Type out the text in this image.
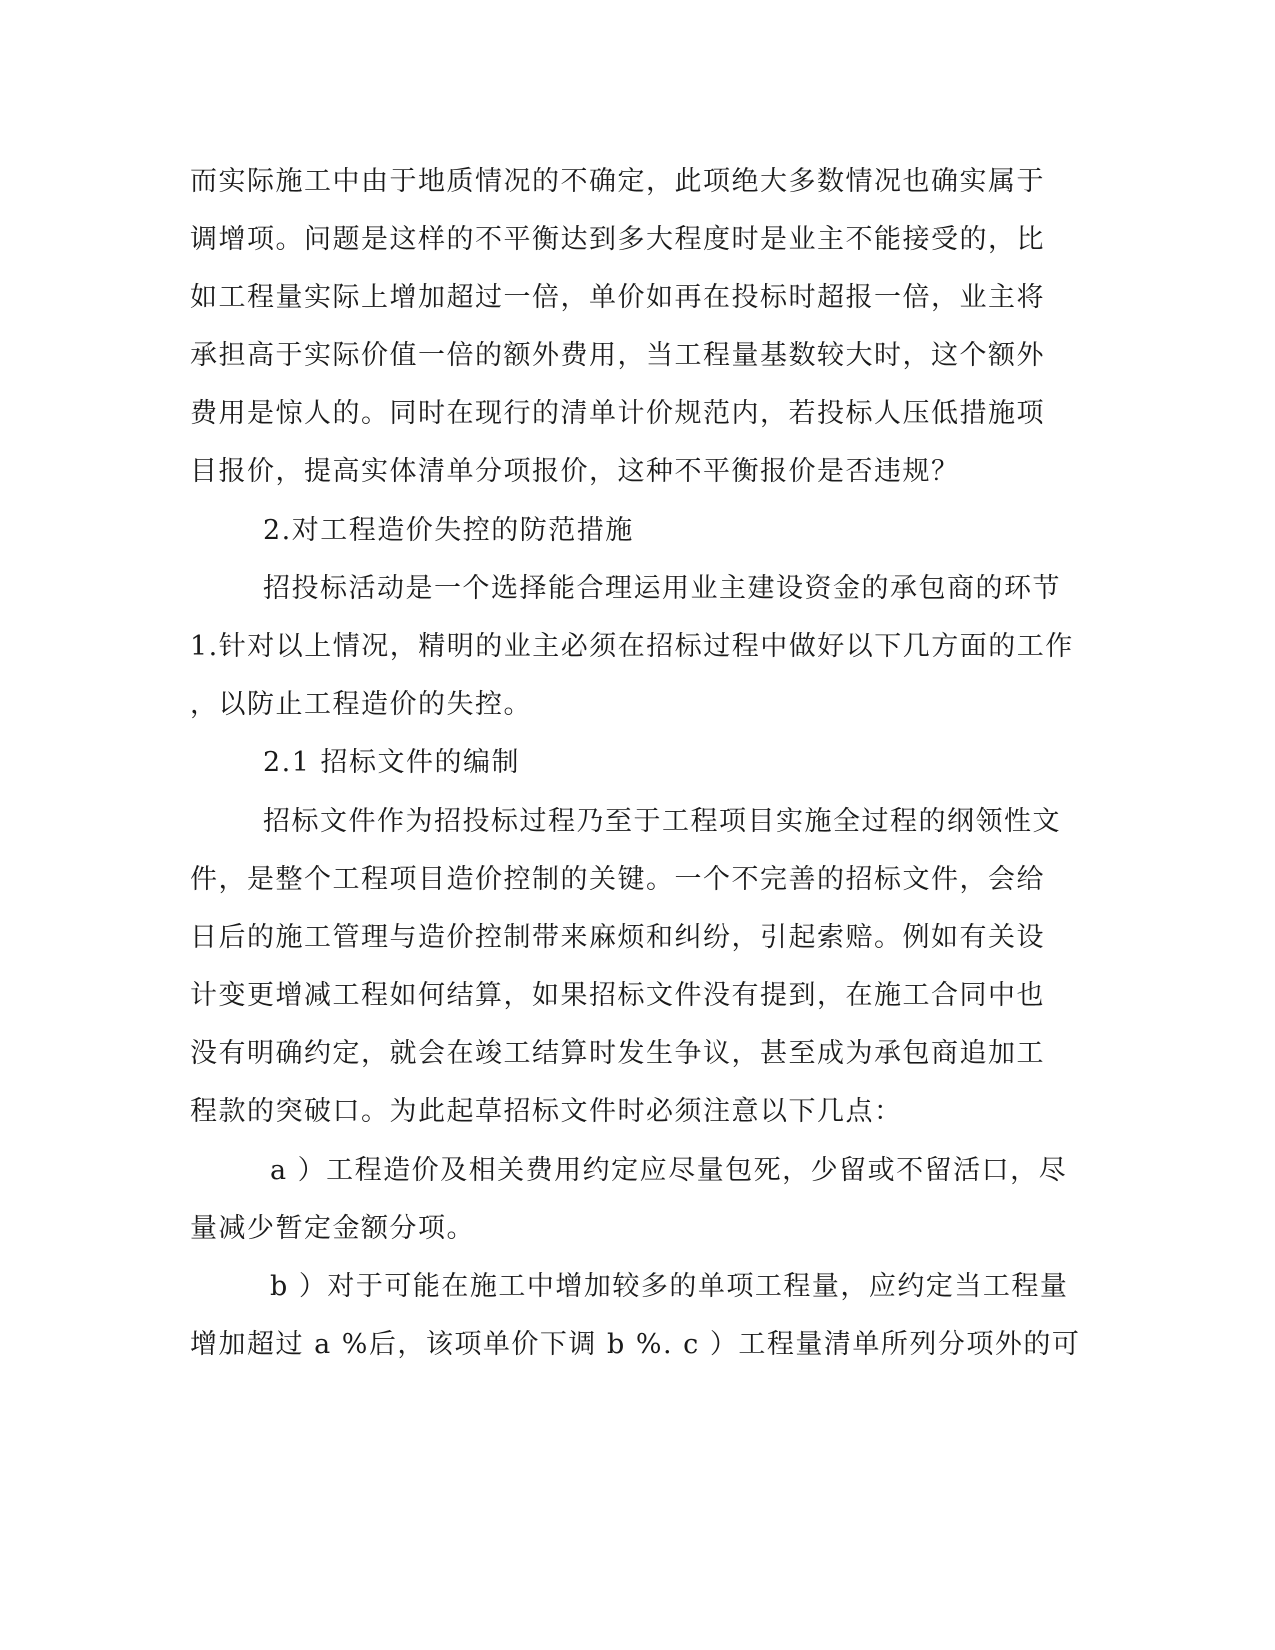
而实际施工中由于地质情况的不确定，此项绝大多数情况也确实属于
调增项。问题是这样的不平衡达到多大程度时是业主不能接受的，比
如工程量实际上增加超过一倍，单价如再在投标时超报一倍，业主将
承担高于实际价值一倍的额外费用，当工程量基数较大时，这个额外
费用是惊人的。同时在现行的清单计价规范内，若投标人压低措施项
目报价，提高实体清单分项报价，这种不平衡报价是否违规？
2.对工程造价失控的防范措施
招投标活动是一个选择能合理运用业主建设资金的承包商的环节
1.针对以上情况，精明的业主必须在招标过程中做好以下几方面的工作
，以防止工程造价的失控。
2.1 招标文件的编制
招标文件作为招投标过程乃至于工程项目实施全过程的纲领性文
件，是整个工程项目造价控制的关键。一个不完善的招标文件，会给
日后的施工管理与造价控制带来麻烦和纠纷，引起索赔。例如有关设
计变更增减工程如何结算，如果招标文件没有提到，在施工合同中也
没有明确约定，就会在竣工结算时发生争议，甚至成为承包商追加工
程款的突破口。为此起草招标文件时必须注意以下几点：
a ）工程造价及相关费用约定应尽量包死，少留或不留活口，尽
量减少暂定金额分项。
b ）对于可能在施工中增加较多的单项工程量，应约定当工程量
增加超过 a %后，该项单价下调 b %. c ）工程量清单所列分项外的可
